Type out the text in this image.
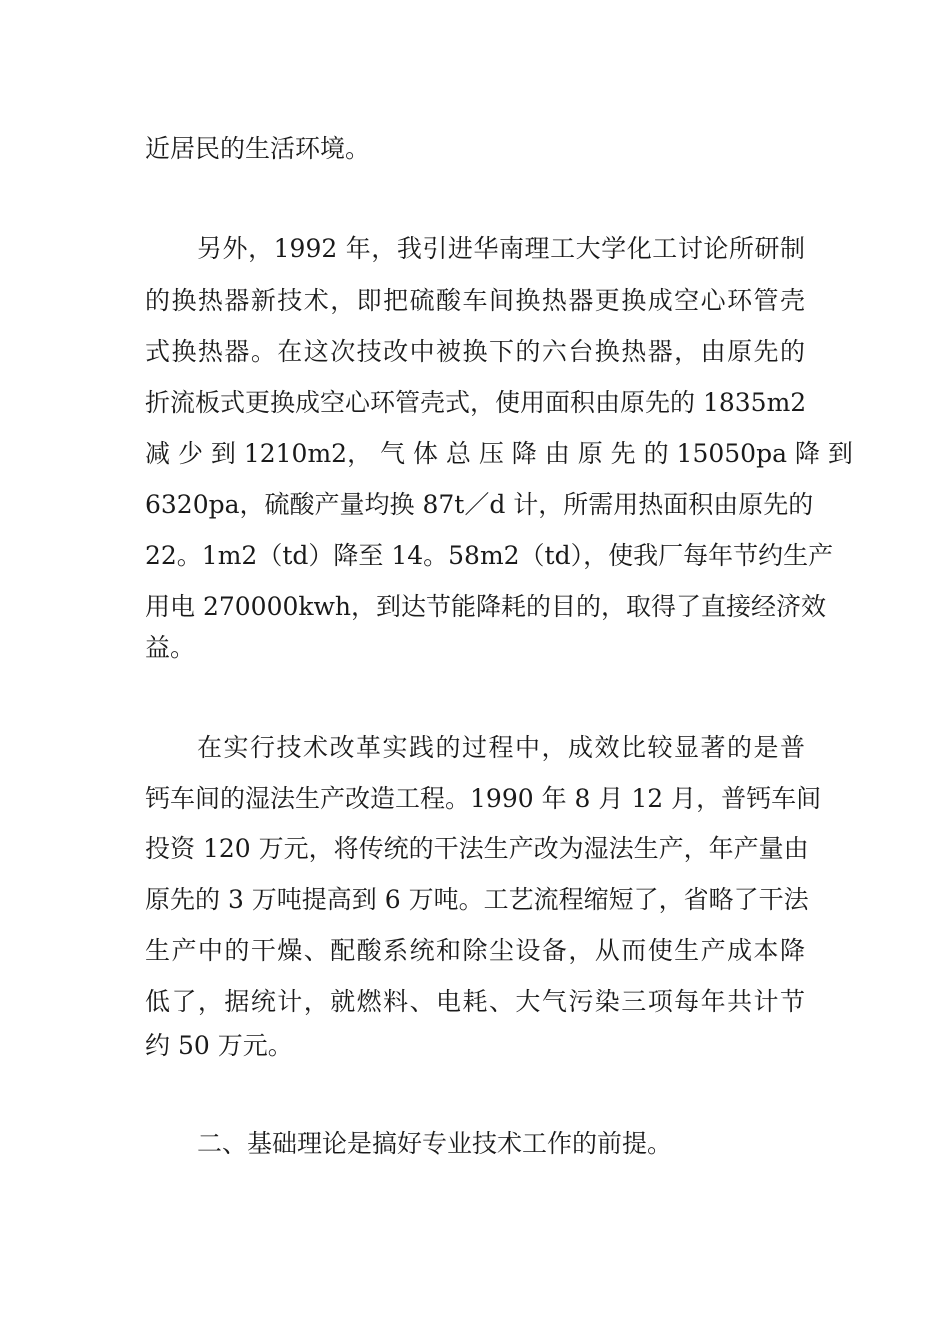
近居民的生活环境。
另外，1992 年，我引进华南理工大学化工讨论所研制
的换热器新技术，即把硫酸车间换热器更换成空心环管壳
式换热器。在这次技改中被换下的六台换热器，由原先的
折流板式更换成空心环管壳式，使用面积由原先的 1835m2
减 少 到 1210m2， 气 体 总 压 降 由 原 先 的 15050pa 降 到
6320pa，硫酸产量均换 87t／d 计，所需用热面积由原先的
22。1m2（td）降至 14。58m2（td），使我厂每年节约生产
用电 270000kwh，到达节能降耗的目的，取得了直接经济效
益。
在实行技术改革实践的过程中，成效比较显著的是普
钙车间的湿法生产改造工程。1990 年 8 月 12 月，普钙车间
投资 120 万元，将传统的干法生产改为湿法生产，年产量由
原先的 3 万吨提高到 6 万吨。工艺流程缩短了，省略了干法
生产中的干燥、配酸系统和除尘设备，从而使生产成本降
低了，据统计，就燃料、电耗、大气污染三项每年共计节
约 50 万元。
二、基础理论是搞好专业技术工作的前提。
